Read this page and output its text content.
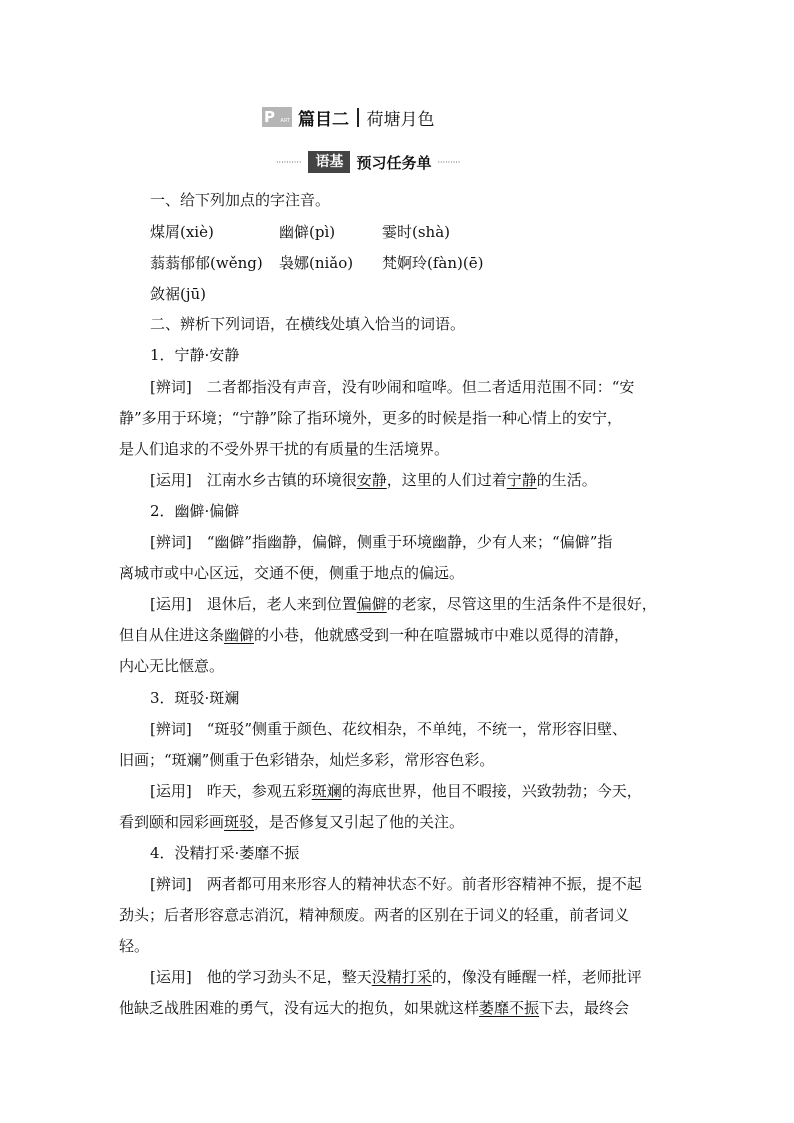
P ART 篇目二 荷塘月色
··········	语基 预习任务单 ·········
一、给下列加点的字注音。
煤屑(xiè)	幽僻(pì)	霎时(shà)
蓊蓊郁郁(wěng) 袅娜(niǎo) 梵婀玲(fàn)(ē)
敛裾(jū)
二、辨析下列词语，在横线处填入恰当的词语。
1．宁静·安静
[辨词]　二者都指没有声音，没有吵闹和喧哗。但二者适用范围不同：“安
静”多用于环境；“宁静”除了指环境外，更多的时候是指一种心情上的安宁，
是人们追求的不受外界干扰的有质量的生活境界。
[运用]　江南水乡古镇的环境很安静，这里的人们过着宁静的生活。
2．幽僻·偏僻
[辨词]　“幽僻”指幽静，偏僻，侧重于环境幽静，少有人来；“偏僻”指
离城市或中心区远，交通不便，侧重于地点的偏远。
[运用]　退休后，老人来到位置偏僻的老家，尽管这里的生活条件不是很好，
但自从住进这条幽僻的小巷，他就感受到一种在喧嚣城市中难以觅得的清静，
内心无比惬意。
3．斑驳·斑斓
[辨词]　“斑驳”侧重于颜色、花纹相杂，不单纯，不统一，常形容旧壁、
旧画；“斑斓”侧重于色彩错杂，灿烂多彩，常形容色彩。
[运用]　昨天，参观五彩斑斓的海底世界，他目不暇接，兴致勃勃；今天，
看到颐和园彩画斑驳，是否修复又引起了他的关注。
4．没精打采·萎靡不振
[辨词]　两者都可用来形容人的精神状态不好。前者形容精神不振，提不起
劲头；后者形容意志消沉，精神颓废。两者的区别在于词义的轻重，前者词义
轻。
[运用]　他的学习劲头不足，整天没精打采的，像没有睡醒一样，老师批评
他缺乏战胜困难的勇气，没有远大的抱负，如果就这样萎靡不振下去，最终会
